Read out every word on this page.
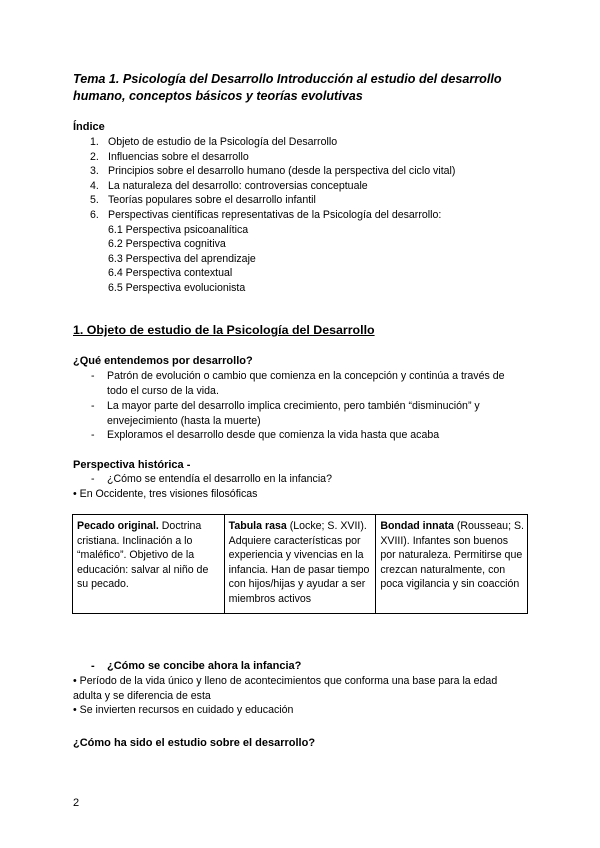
Tema 1. Psicología del Desarrollo Introducción al estudio del desarrollo
humano, conceptos básicos y teorías evolutivas
Índice
1. Objeto de estudio de la Psicología del Desarrollo
2. Influencias sobre el desarrollo
3. Principios sobre el desarrollo humano (desde la perspectiva del ciclo vital)
4. La naturaleza del desarrollo: controversias conceptuale
5. Teorías populares sobre el desarrollo infantil
6. Perspectivas científicas representativas de la Psicología del desarrollo:
6.1 Perspectiva psicoanalítica
6.2 Perspectiva cognitiva
6.3 Perspectiva del aprendizaje
6.4 Perspectiva contextual
6.5 Perspectiva evolucionista
1. Objeto de estudio de la Psicología del Desarrollo
¿Qué entendemos por desarrollo?
- Patrón de evolución o cambio que comienza en la concepción y continúa a través de
todo el curso de la vida.
- La mayor parte del desarrollo implica crecimiento, pero también “disminución” y
envejecimiento (hasta la muerte)
- Exploramos el desarrollo desde que comienza la vida hasta que acaba
Perspectiva histórica -
- ¿Cómo se entendía el desarrollo en la infancia?
• En Occidente, tres visiones filosóficas
Pecado original. Doctrina cristiana. Inclinación a lo “maléfico”. Objetivo de la educación: salvar al niño de su pecado.	Tabula rasa (Locke; S. XVII). Adquiere características por experiencia y vivencias en la infancia. Han de pasar tiempo con hijos/hijas y ayudar a ser miembros activos	Bondad innata (Rousseau; S. XVIII). Infantes son buenos por naturaleza. Permitirse que crezcan naturalmente, con poca vigilancia y sin coacción
- ¿Cómo se concibe ahora la infancia?
• Período de la vida único y lleno de acontecimientos que conforma una base para la edad
adulta y se diferencia de esta
• Se invierten recursos en cuidado y educación
¿Cómo ha sido el estudio sobre el desarrollo?
2
